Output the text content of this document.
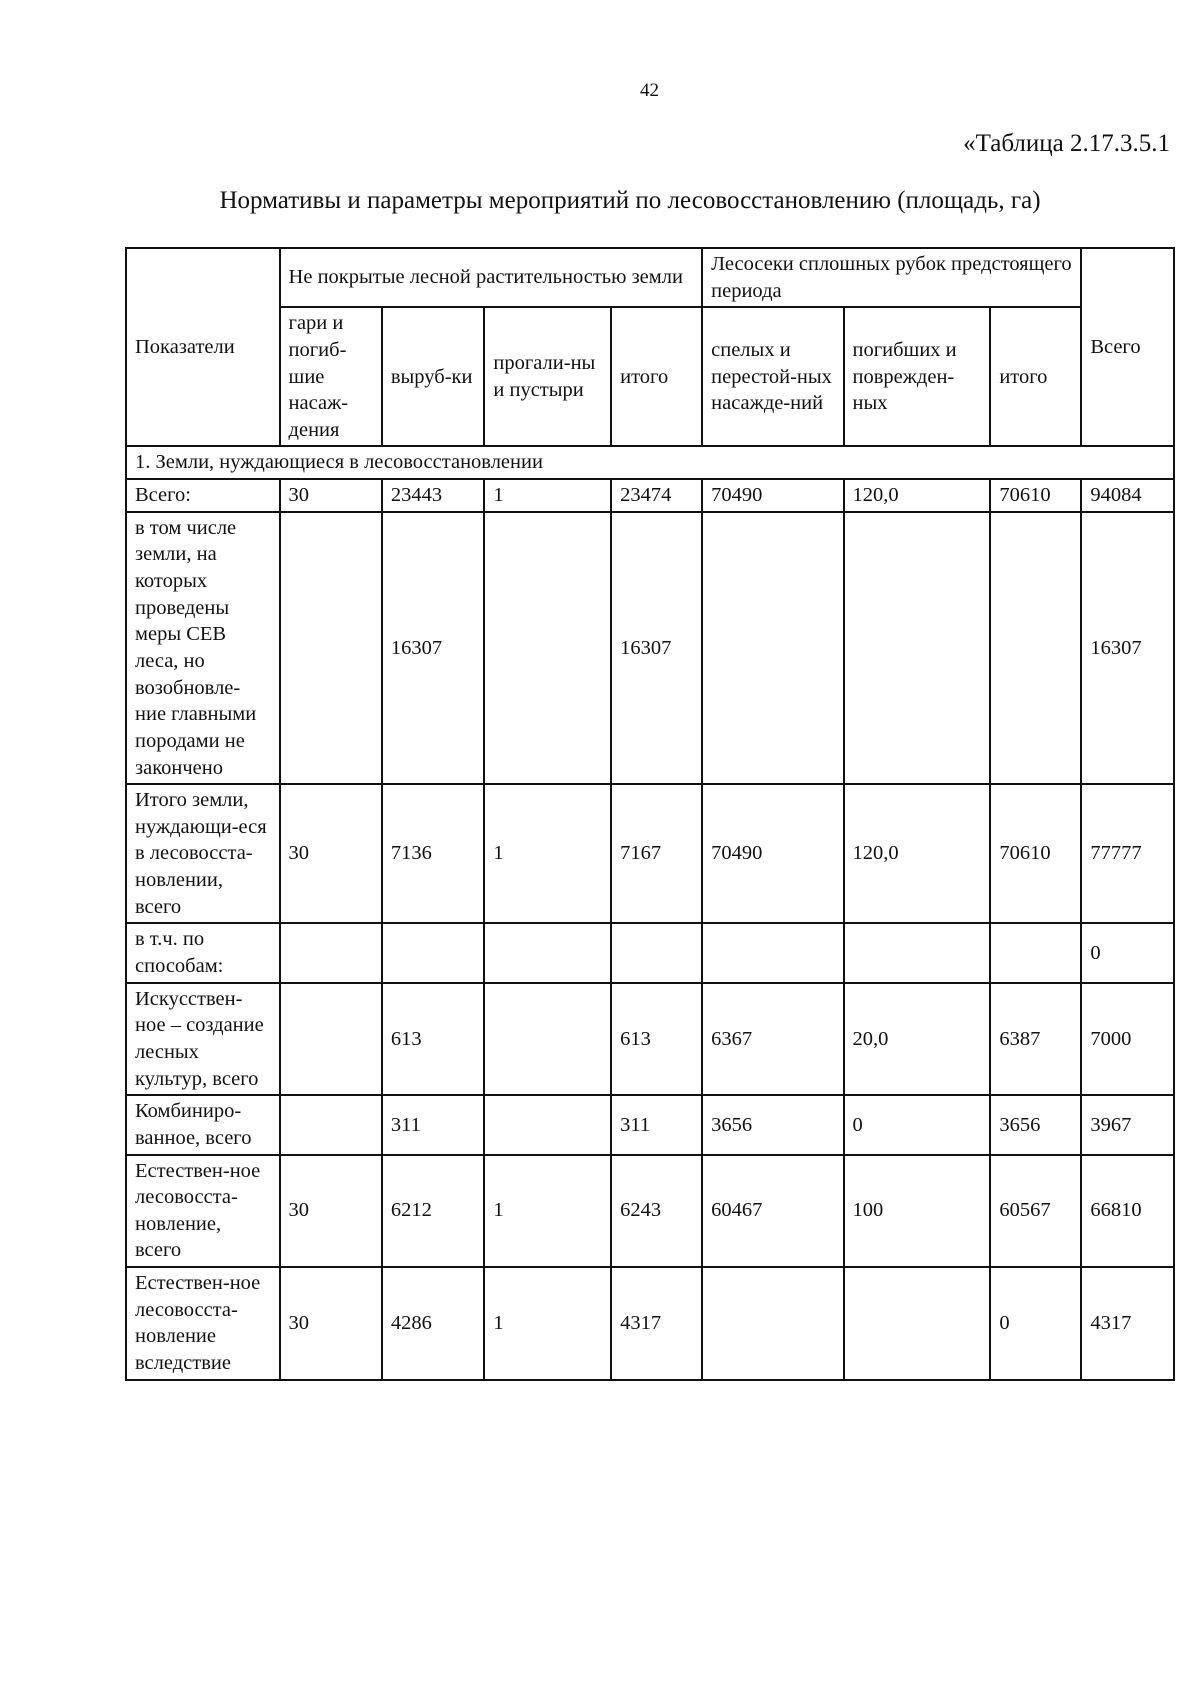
42
«Таблица 2.17.3.5.1
Нормативы и параметры мероприятий по лесовосстановлению (площадь, га)
Показатели	Не покрытые лесной растительностью земли				Лесосеки сплошных рубок предстоящего периода			Всего
	гари и погиб-шие насаж-дения	выруб-ки	прогали-ны и пустыри	итого	спелых и перестой-ных насажде-ний	погибших и поврежден-ных	итого	
1. Земли, нуждающиеся в лесовосстановлении								
Всего:	30	23443	1	23474	70490	120,0	70610	94084
в том числе земли, на которых проведены меры СЕВ леса, но возобновле-ние главными породами не закончено		16307		16307				16307
Итого земли, нуждающи-еся в лесовосста-новлении, всего	30	7136	1	7167	70490	120,0	70610	77777
в т.ч. по способам:								0
Искусствен-ное – создание лесных культур, всего		613		613	6367	20,0	6387	7000
Комбиниро-ванное, всего		311		311	3656	0	3656	3967
Естествен-ное лесовосста-новление, всего	30	6212	1	6243	60467	100	60567	66810
Естествен-ное лесовосста-новление вследствие	30	4286	1	4317			0	4317
